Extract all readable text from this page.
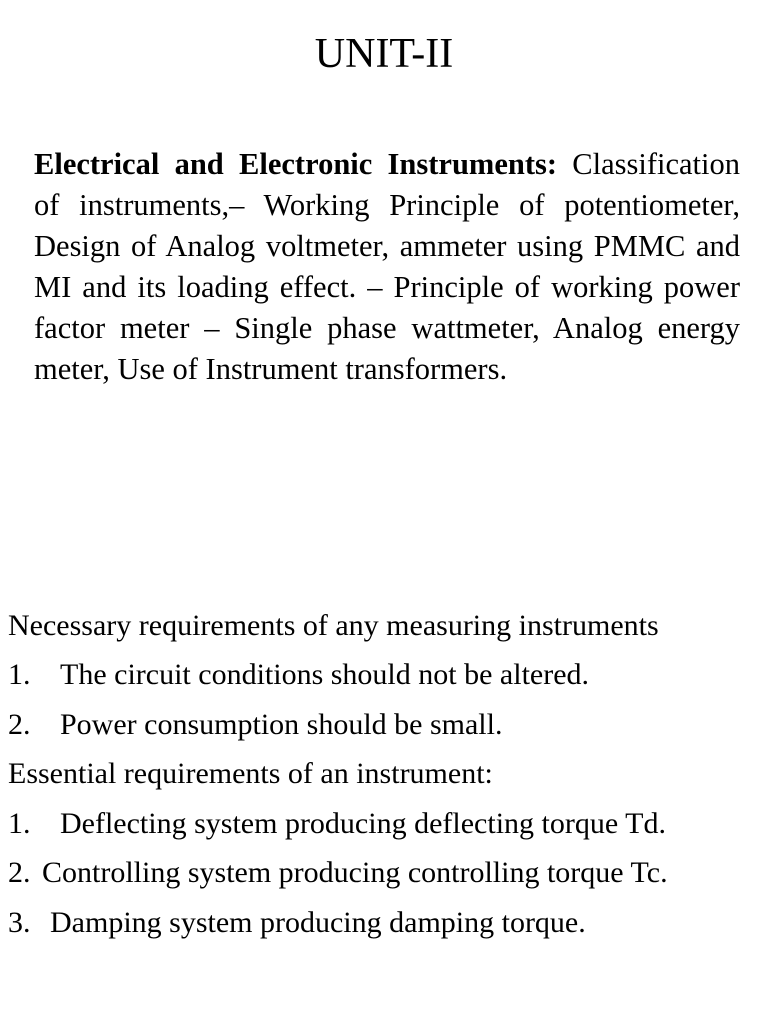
UNIT-II

Electrical and Electronic Instruments: Classification of instruments,– Working Principle of potentiometer, Design of Analog voltmeter, ammeter using PMMC and MI and its loading effect. – Principle of working power factor meter – Single phase wattmeter, Analog energy meter, Use of Instrument transformers.

Necessary requirements of any measuring instruments
1. The circuit conditions should not be altered.
2. Power consumption should be small.
Essential requirements of an instrument:
1. Deflecting system producing deflecting torque Td.
2. Controlling system producing controlling torque Tc.
3. Damping system producing damping torque.
